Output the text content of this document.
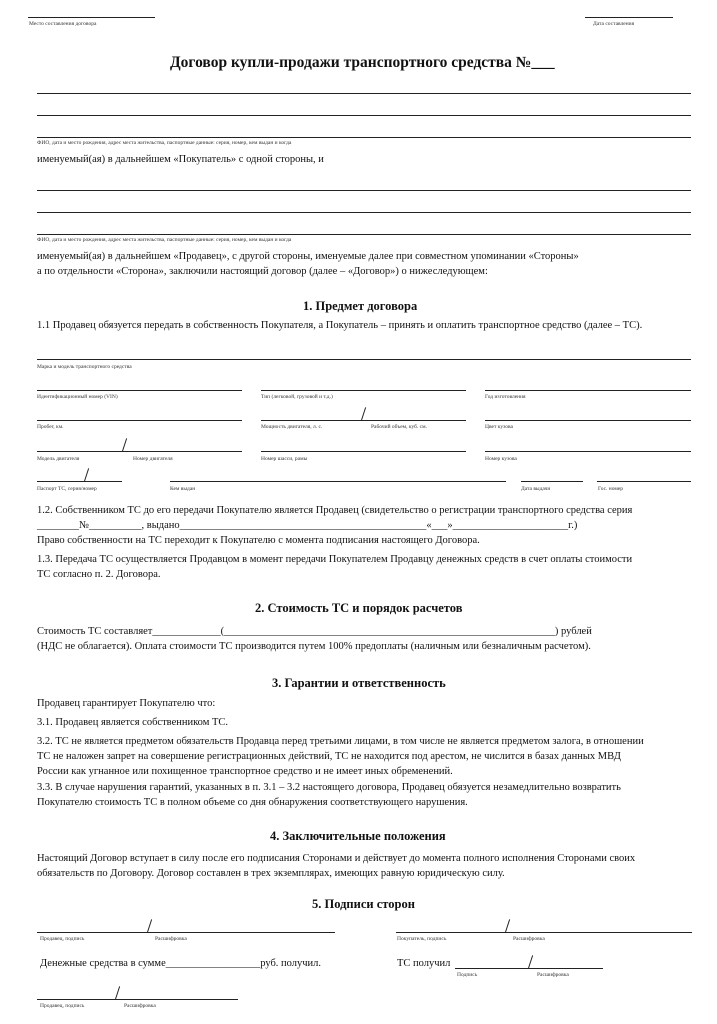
Место составления договора	Дата составления
Договор купли-продажи транспортного средства №___
ФИО, дата и место рождения, адрес места жительства, паспортные данные: серия, номер, кем выдан и когда
именуемый(ая) в дальнейшем «Покупатель» с одной стороны, и
ФИО, дата и место рождения, адрес места жительства, паспортные данные: серия, номер, кем выдан и когда
именуемый(ая) в дальнейшем «Продавец», с другой стороны, именуемые далее при совместном упоминании «Стороны»
а по отдельности «Сторона», заключили настоящий договор (далее – «Договор») о нижеследующем:
1. Предмет договора
1.1 Продавец обязуется передать в собственность Покупателя, а Покупатель – принять и оплатить транспортное средство (далее – ТС).
Марка и модель транспортного средства
Идентификационный номер (VIN)	Тип (легковой, грузовой и т.д.)	Год изготовления
Пробег, км.	Мощность двигателя, л. с.	Рабочий объем, куб. см.	Цвет кузова
Модель двигателя	Номер двигателя	Номер шасси, рамы	Номер кузова
Паспорт ТС, серия/номер	Кем выдан	Дата выдачи	Гос. номер
1.2. Собственником ТС до его передачи Покупателю является Продавец (свидетельство о регистрации транспортного средства серия
________№__________, выдано_______________________________________________«___»______________________г.)
Право собственности на ТС переходит к Покупателю с момента подписания настоящего Договора.
1.3. Передача ТС осуществляется Продавцом в момент передачи Покупателем Продавцу денежных средств в счет оплаты стоимости
ТС согласно п. 2. Договора.
2. Стоимость ТС и порядок расчетов
Стоимость ТС составляет_____________(_______________________________________________________________) рублей
(НДС не облагается). Оплата стоимости ТС производится путем 100% предоплаты (наличным или безналичным расчетом).
3. Гарантии и ответственность
Продавец гарантирует Покупателю что:
3.1. Продавец является собственником ТС.
3.2. ТС не является предметом обязательств Продавца перед третьими лицами, в том числе не является предметом залога, в отношении
ТС не наложен запрет на совершение регистрационных действий, ТС не находится под арестом, не числится в базах данных МВД
России как угнанное или похищенное транспортное средство и не имеет иных обременений.
3.3. В случае нарушения гарантий, указанных в п. 3.1 – 3.2 настоящего договора, Продавец обязуется незамедлительно возвратить
Покупателю стоимость ТС в полном объеме со дня обнаружения соответствующего нарушения.
4. Заключительные положения
Настоящий Договор вступает в силу после его подписания Сторонами и действует до момента полного исполнения Сторонами своих
обязательств по Договору. Договор составлен в трех экземплярах, имеющих равную юридическую силу.
5. Подписи сторон
Продавец, подпись	Расшифровка	Покупатель, подпись	Расшифровка
Денежные средства в сумме__________________руб. получил.	ТС получил
Подпись	Расшифровка
Продавец, подпись	Расшифровка
